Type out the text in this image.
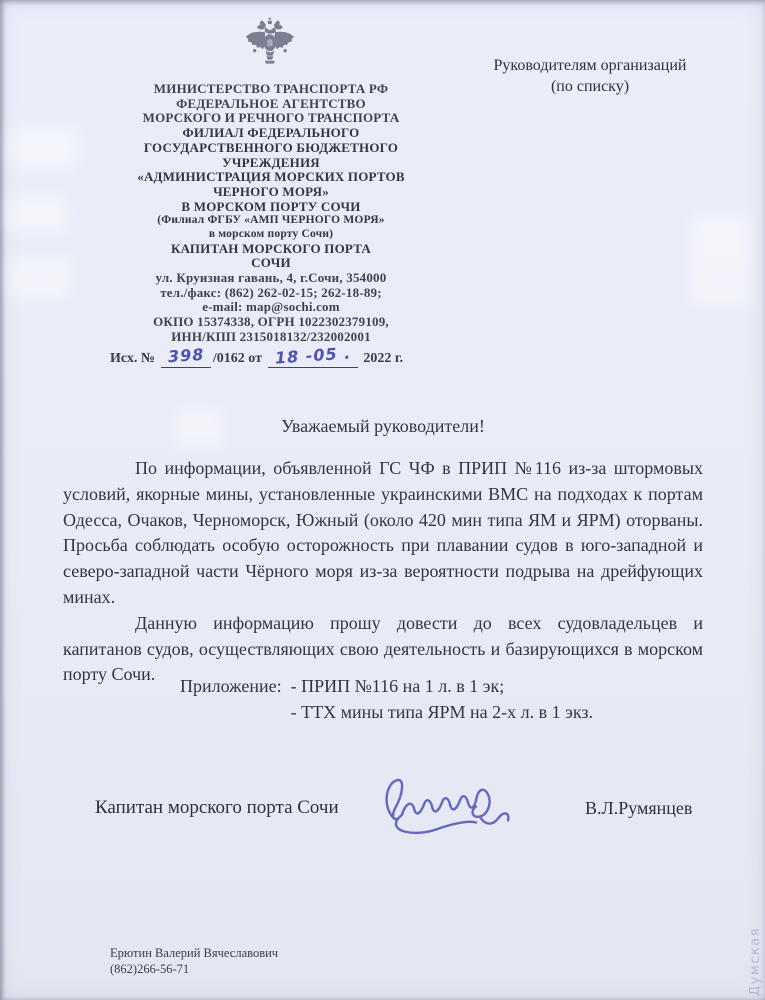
МИНИСТЕРСТВО ТРАНСПОРТА РФ
ФЕДЕРАЛЬНОЕ АГЕНТСТВО
МОРСКОГО И РЕЧНОГО ТРАНСПОРТА
ФИЛИАЛ ФЕДЕРАЛЬНОГО
ГОСУДАРСТВЕННОГО БЮДЖЕТНОГО
УЧРЕЖДЕНИЯ
«АДМИНИСТРАЦИЯ МОРСКИХ ПОРТОВ
ЧЕРНОГО МОРЯ»
В МОРСКОМ ПОРТУ СОЧИ
(Филиал ФГБУ «АМП ЧЕРНОГО МОРЯ»
в морском порту Сочи)
КАПИТАН МОРСКОГО ПОРТА
СОЧИ
ул. Круизная гавань, 4, г.Сочи, 354000
тел./факс: (862) 262-02-15; 262-18-89;
e-mail: map@sochi.com
ОКПО 15374338, ОГРН 1022302379109,
ИНН/КПП 2315018132/232002001
Исх. № 398 /0162 от 18 -05 . 2022 г.
Руководителям организаций
(по списку)
Уважаемый руководители!

По информации, объявленной ГС ЧФ в ПРИП №116 из-за штормовых условий, якорные мины, установленные украинскими ВМС на подходах к портам Одесса, Очаков, Черноморск, Южный (около 420 мин типа ЯМ и ЯРМ) оторваны. Просьба соблюдать особую осторожность при плавании судов в юго-западной и северо-западной части Чёрного моря из-за вероятности подрыва на дрейфующих минах.

Данную информацию прошу довести до всех судовладельцев и капитанов судов, осуществляющих свою деятельность и базирующихся в морском порту Сочи.

Приложение: - ПРИП №116 на 1 л. в 1 эк;
- ТТХ мины типа ЯРМ на 2-х л. в 1 экз.
Капитан морского порта Сочи	В.Л.Румянцев
Ерютин Валерий Вячеславович
(862)266-56-71	Думская
